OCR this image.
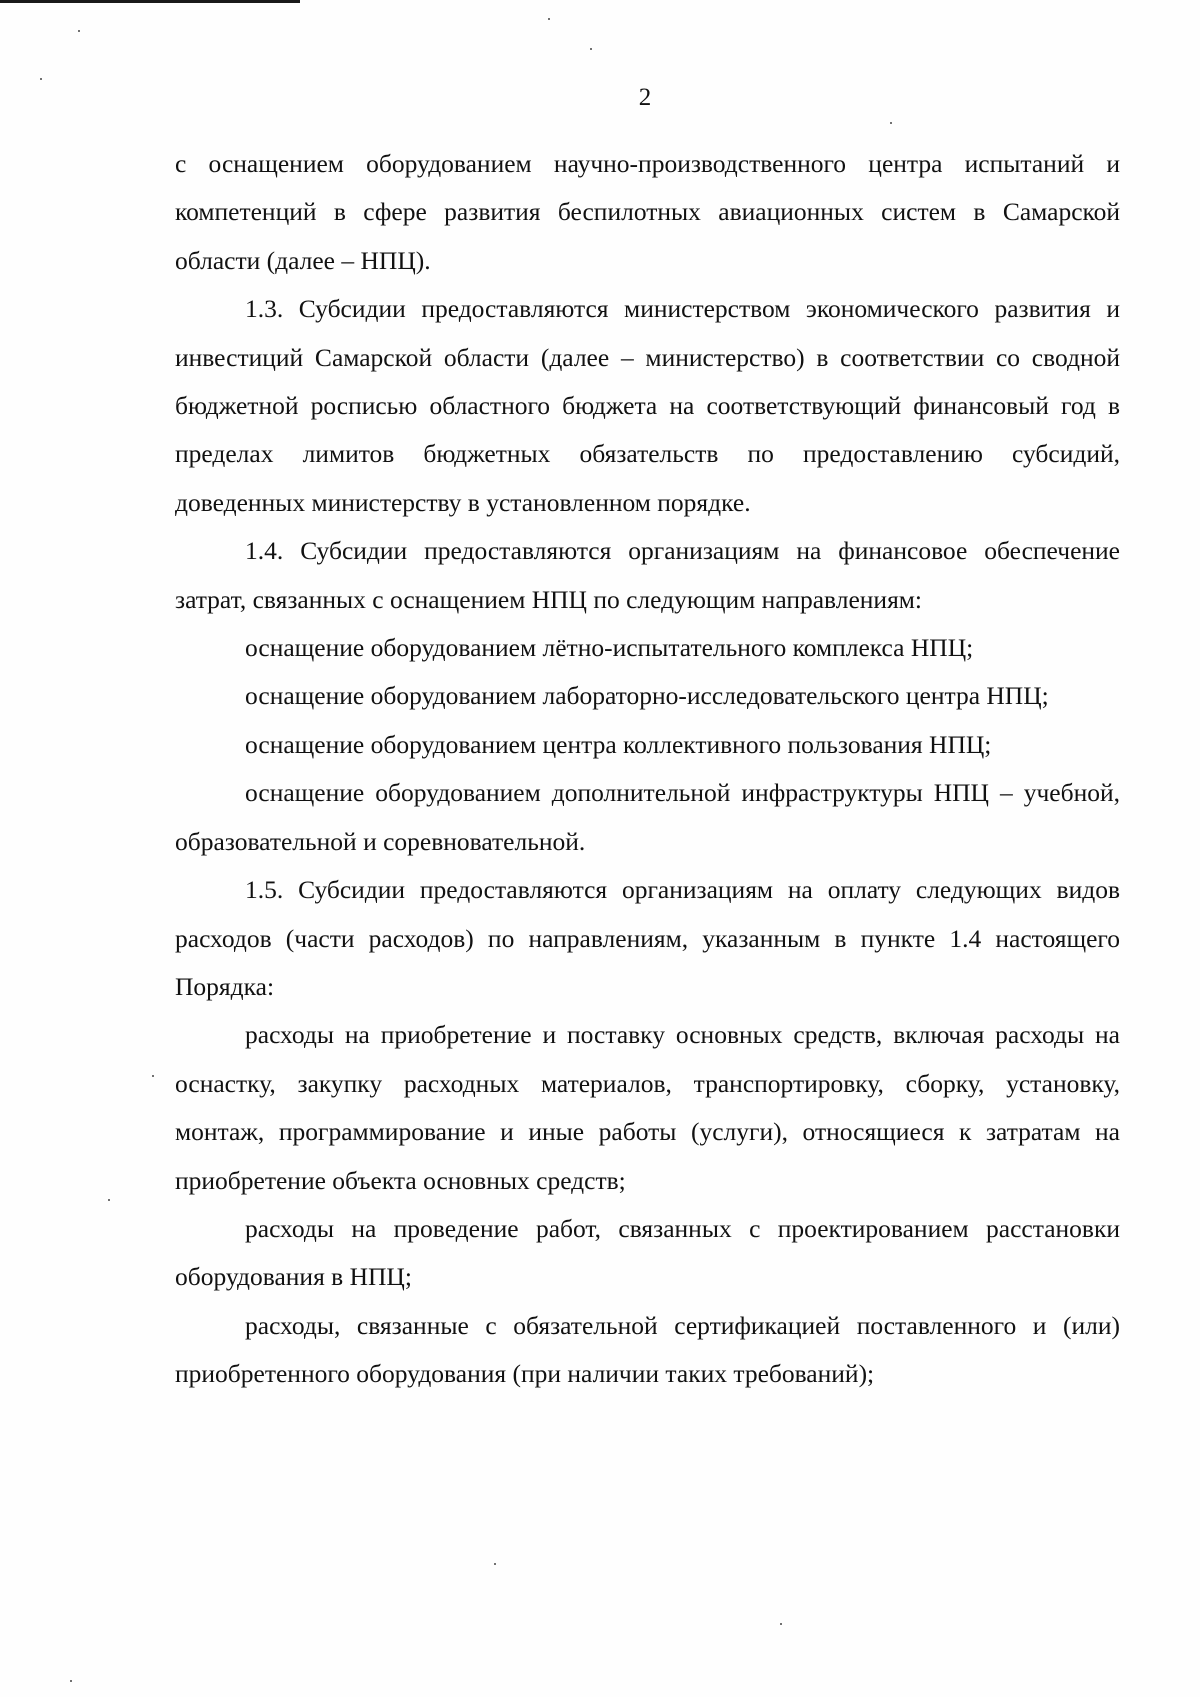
2

с оснащением оборудованием научно-производственного центра испытаний и компетенций в сфере развития беспилотных авиационных систем в Самарской области (далее – НПЦ).

1.3. Субсидии предоставляются министерством экономического развития и инвестиций Самарской области (далее – министерство) в соответствии со сводной бюджетной росписью областного бюджета на соответствующий финансовый год в пределах лимитов бюджетных обязательств по предоставлению субсидий, доведенных министерству в установленном порядке.

1.4. Субсидии предоставляются организациям на финансовое обеспечение затрат, связанных с оснащением НПЦ по следующим направлениям:

оснащение оборудованием лётно-испытательного комплекса НПЦ;

оснащение оборудованием лабораторно-исследовательского центра НПЦ;

оснащение оборудованием центра коллективного пользования НПЦ;

оснащение оборудованием дополнительной инфраструктуры НПЦ – учебной, образовательной и соревновательной.

1.5. Субсидии предоставляются организациям на оплату следующих видов расходов (части расходов) по направлениям, указанным в пункте 1.4 настоящего Порядка:

расходы на приобретение и поставку основных средств, включая расходы на оснастку, закупку расходных материалов, транспортировку, сборку, установку, монтаж, программирование и иные работы (услуги), относящиеся к затратам на приобретение объекта основных средств;

расходы на проведение работ, связанных с проектированием расстановки оборудования в НПЦ;

расходы, связанные с обязательной сертификацией поставленного и (или) приобретенного оборудования (при наличии таких требований);
